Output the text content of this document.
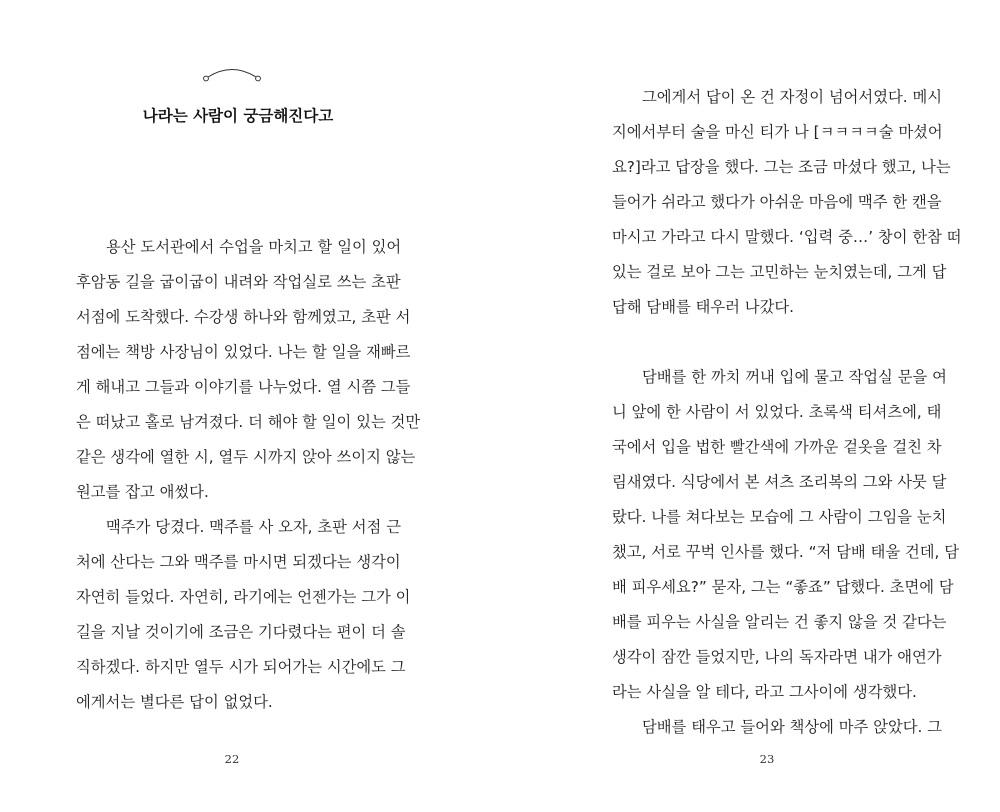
나라는 사람이 궁금해진다고
용산 도서관에서 수업을 마치고 할 일이 있어
후암동 길을 굽이굽이 내려와 작업실로 쓰는 초판
서점에 도착했다. 수강생 하나와 함께였고, 초판 서
점에는 책방 사장님이 있었다. 나는 할 일을 재빠르
게 해내고 그들과 이야기를 나누었다. 열 시쯤 그들
은 떠났고 홀로 남겨졌다. 더 해야 할 일이 있는 것만
같은 생각에 열한 시, 열두 시까지 앉아 쓰이지 않는
원고를 잡고 애썼다.
맥주가 당겼다. 맥주를 사 오자, 초판 서점 근
처에 산다는 그와 맥주를 마시면 되겠다는 생각이
자연히 들었다. 자연히, 라기에는 언젠가는 그가 이
길을 지날 것이기에 조금은 기다렸다는 편이 더 솔
직하겠다. 하지만 열두 시가 되어가는 시간에도 그
에게서는 별다른 답이 없었다.
22
그에게서 답이 온 건 자정이 넘어서였다. 메시
지에서부터 술을 마신 티가 나 [ㅋㅋㅋㅋ술 마셨어
요?]라고 답장을 했다. 그는 조금 마셨다 했고, 나는
들어가 쉬라고 했다가 아쉬운 마음에 맥주 한 캔을
마시고 가라고 다시 말했다. ‘입력 중…’ 창이 한참 떠
있는 걸로 보아 그는 고민하는 눈치였는데, 그게 답
답해 담배를 태우러 나갔다.
담배를 한 까치 꺼내 입에 물고 작업실 문을 여
니 앞에 한 사람이 서 있었다. 초록색 티셔츠에, 태
국에서 입을 법한 빨간색에 가까운 겉옷을 걸친 차
림새였다. 식당에서 본 셔츠 조리복의 그와 사뭇 달
랐다. 나를 쳐다보는 모습에 그 사람이 그임을 눈치
챘고, 서로 꾸벅 인사를 했다. “저 담배 태울 건데, 담
배 피우세요?” 묻자, 그는 “좋죠” 답했다. 초면에 담
배를 피우는 사실을 알리는 건 좋지 않을 것 같다는
생각이 잠깐 들었지만, 나의 독자라면 내가 애연가
라는 사실을 알 테다, 라고 그사이에 생각했다.
담배를 태우고 들어와 책상에 마주 앉았다. 그
23
